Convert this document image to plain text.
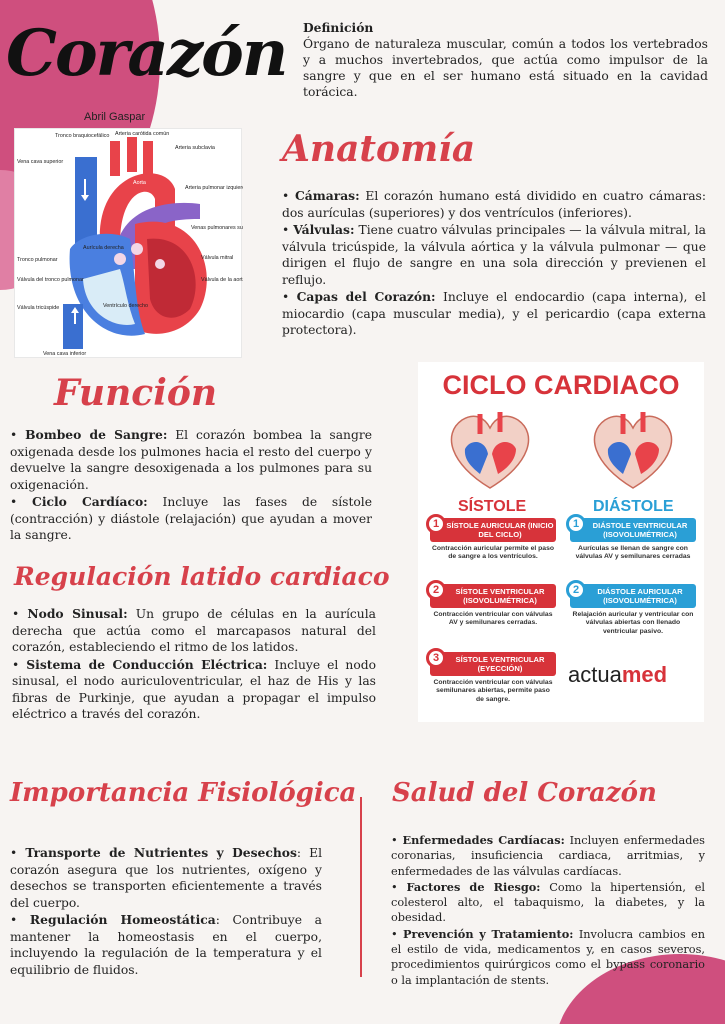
Corazón
Abril Gaspar
Definición
Órgano de naturaleza muscular, común a todos los vertebrados y a muchos invertebrados, que actúa como impulsor de la sangre y que en el ser humano está situado en la cavidad torácica.
Tronco braquiocefálico Arteria carótida común
Arteria subclavia
Vena cava superior
Aorta
Arteria pulmonar izquierda
Venas pulmonares su
Aurícula derecha
Tronco pulmonar	Válvula mitral
Válvula del tronco pulmonar	Válvula de la aorta
Válvula tricúspide	Ventrículo derecho
Vena cava inferior
Anatomía

• Cámaras: El corazón humano está dividido en cuatro cámaras: dos aurículas (superiores) y dos ventrículos (inferiores).

• Válvulas: Tiene cuatro válvulas principales — la válvula mitral, la válvula tricúspide, la válvula aórtica y la válvula pulmonar — que dirigen el flujo de sangre en una sola dirección y previenen el reflujo.

• Capas del Corazón: Incluye el endocardio (capa interna), el miocardio (capa muscular media), y el pericardio (capa externa protectora).

Función

• Bombeo de Sangre: El corazón bombea la sangre oxigenada desde los pulmones hacia el resto del cuerpo y devuelve la sangre desoxigenada a los pulmones para su oxigenación.

• Ciclo Cardíaco: Incluye las fases de sístole (contracción) y diástole (relajación) que ayudan a mover la sangre.

Regulación latido cardiaco

• Nodo Sinusal: Un grupo de células en la aurícula derecha que actúa como el marcapasos natural del corazón, estableciendo el ritmo de los latidos.

• Sistema de Conducción Eléctrica: Incluye el nodo sinusal, el nodo auriculoventricular, el haz de His y las fibras de Purkinje, que ayudan a propagar el impulso eléctrico a través del corazón.

CICLO CARDIACO
SÍSTOLE	DIÁSTOLE
1 SÍSTOLE AURICULAR (INICIO DEL CICLO)
Contracción auricular permite el paso de sangre a los ventrículos.
2	SÍSTOLE VENTRICULAR (ISOVOLUMÉTRICA)
Contracción ventricular con válvulas AV y semilunares cerradas.
3	SÍSTOLE VENTRICULAR (EYECCIÓN)
Contracción ventricular con válvulas semilunares abiertas, permite paso de sangre.
1	DIÁSTOLE VENTRICULAR (ISOVOLUMÉTRICA)
Aurículas se llenan de sangre con válvulas AV y semilunares cerradas
2	DIÁSTOLE AURICULAR (ISOVOLUMÉTRICA)
Relajación auricular y ventricular con válvulas abiertas con llenado ventricular pasivo.
actuamed
Importancia Fisiológica

• Transporte de Nutrientes y Desechos: El corazón asegura que los nutrientes, oxígeno y desechos se transporten eficientemente a través del cuerpo.

• Regulación Homeostática: Contribuye a mantener la homeostasis en el cuerpo, incluyendo la regulación de la temperatura y el equilibrio de fluidos.

Salud del Corazón

• Enfermedades Cardíacas: Incluyen enfermedades coronarias, insuficiencia cardiaca, arritmias, y enfermedades de las válvulas cardíacas.

• Factores de Riesgo: Como la hipertensión, el colesterol alto, el tabaquismo, la diabetes, y la obesidad.

• Prevención y Tratamiento: Involucra cambios en el estilo de vida, medicamentos y, en casos severos, procedimientos quirúrgicos como el bypass coronario o la implantación de stents.
